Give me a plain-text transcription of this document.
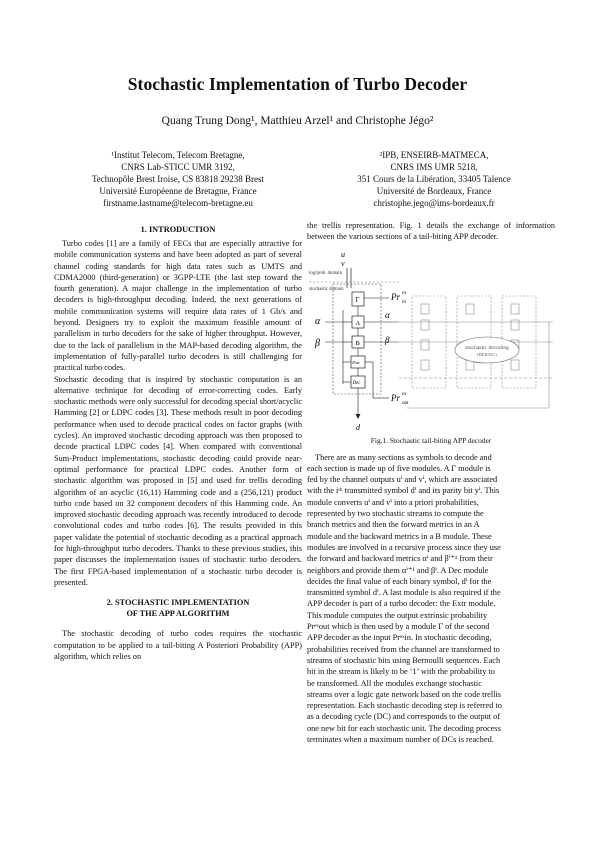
Stochastic Implementation of Turbo Decoder
Quang Trung Dong¹, Matthieu Arzel¹ and Christophe Jégo²
¹Institut Telecom, Telecom Bretagne,
CNRS Lab-STICC UMR 3192,
Technopôle Brest Iroise, CS 83818 29238 Brest
Université Européenne de Bretagne, France
firstname.lastname@telecom-bretagne.eu
²IPB, ENSEIRB-MATMECA,
CNRS IMS UMR 5218,
351 Cours de la Libération, 33405 Talence
Université de Bordeaux, France
christophe.jego@ims-bordeaux.fr

1. INTRODUCTION

Turbo codes [1] are a family of FECs that are especially attractive for mobile communication systems and have been adopted as part of several channel coding standards for high data rates such as UMTS and CDMA2000 (third-generation) or 3GPP-LTE (the last step toward the fourth generation). A major challenge in the implementation of turbo decoders is high-throughput decoding. Indeed, the next generations of mobile communication systems will require data rates of 1 Gb/s and beyond. Designers try to exploit the maximum feasible amount of parallelism in turbo decoders for the sake of higher throughput. However, due to the lack of parallelism in the MAP-based decoding algorithm, the implementation of fully-parallel turbo decoders is still challenging for practical turbo codes.

Stochastic decoding that is inspired by stochastic computation is an alternative technique for decoding of error-correcting codes. Early stochastic methods were only successful for decoding special short/acyclic Hamming [2] or LDPC codes [3]. These methods result in poor decoding performance when used to decode practical codes on factor graphs (with cycles). An improved stochastic decoding approach was then proposed to decode practical LDPC codes [4]. When compared with conventional Sum-Product implementations, stochastic decoding could provide near-optimal performance for practical LDPC codes. Another form of stochastic algorithm was proposed in [5] and used for trellis decoding algorithm of an acyclic (16,11) Hamming code and a (256,121) product turbo code based on 32 component decoders of this Hamming code. An improved stochastic decoding approach was recently introduced to decode convolutional codes and turbo codes [6]. The results provided in this paper validate the potential of stochastic decoding as a practical approach for high-throughput turbo decoders. Thanks to these previous studies, this paper discusses the implementation issues of stochastic turbo decoders. The first FPGA-based implementation of a stochastic turbo decoder is presented.

2. STOCHASTIC IMPLEMENTATION

OF THE APP ALGORITHM

The stochastic decoding of turbo codes requires the stochastic computation to be applied to a tail-biting A Posteriori Probability (APP) algorithm, which relies on

the trellis representation. Fig. 1 details the exchange of information between the various sections of a tail-biting APP decoder.

u
v
log/prob. domain
stochastic domain
Γ
A
B
Extr
Dec
α
β
α
β
Pr ex
in
Pr ex
out
d
stochastic decoding
(BER/DC)

Fig.1. Stochastic tail-biting APP decoder

There are as many sections as symbols to decode and
each section is made up of five modules. A Γ module is
fed by the channel outputs uⁱ and vⁱ, which are associated
with the iᵗʰ transmitted symbol dⁱ and its parity bit yⁱ. This
module converts uⁱ and vⁱ into a priori probabilities,
represented by two stochastic streams to compute the
branch metrics and then the forward metrics in an A
module and the backward metrics in a B module. These
modules are involved in a recursive process since they use
the forward and backward metrics αⁱ and βⁱ⁺¹ from their
neighbors and provide them αⁱ⁺¹ and βⁱ. A Dec module
decides the final value of each binary symbol, dⁱ for the
transmitted symbol dⁱ. A last module is also required if the
APP decoder is part of a turbo decoder: the Extr module.
This module computes the output extrinsic probability
Prᵉˣout which is then used by a module Γ of the second
APP decoder as the input Prᵉˣin. In stochastic decoding,
probabilities received from the channel are transformed to
streams of stochastic bits using Bernoulli sequences. Each
bit in the stream is likely to be ‘1’ with the probability to
be transformed. All the modules exchange stochastic
streams over a logic gate network based on the code trellis
representation. Each stochastic decoding step is referred to
as a decoding cycle (DC) and corresponds to the output of
one new bit for each stochastic unit. The decoding process
terminates when a maximum number of DCs is reached.
